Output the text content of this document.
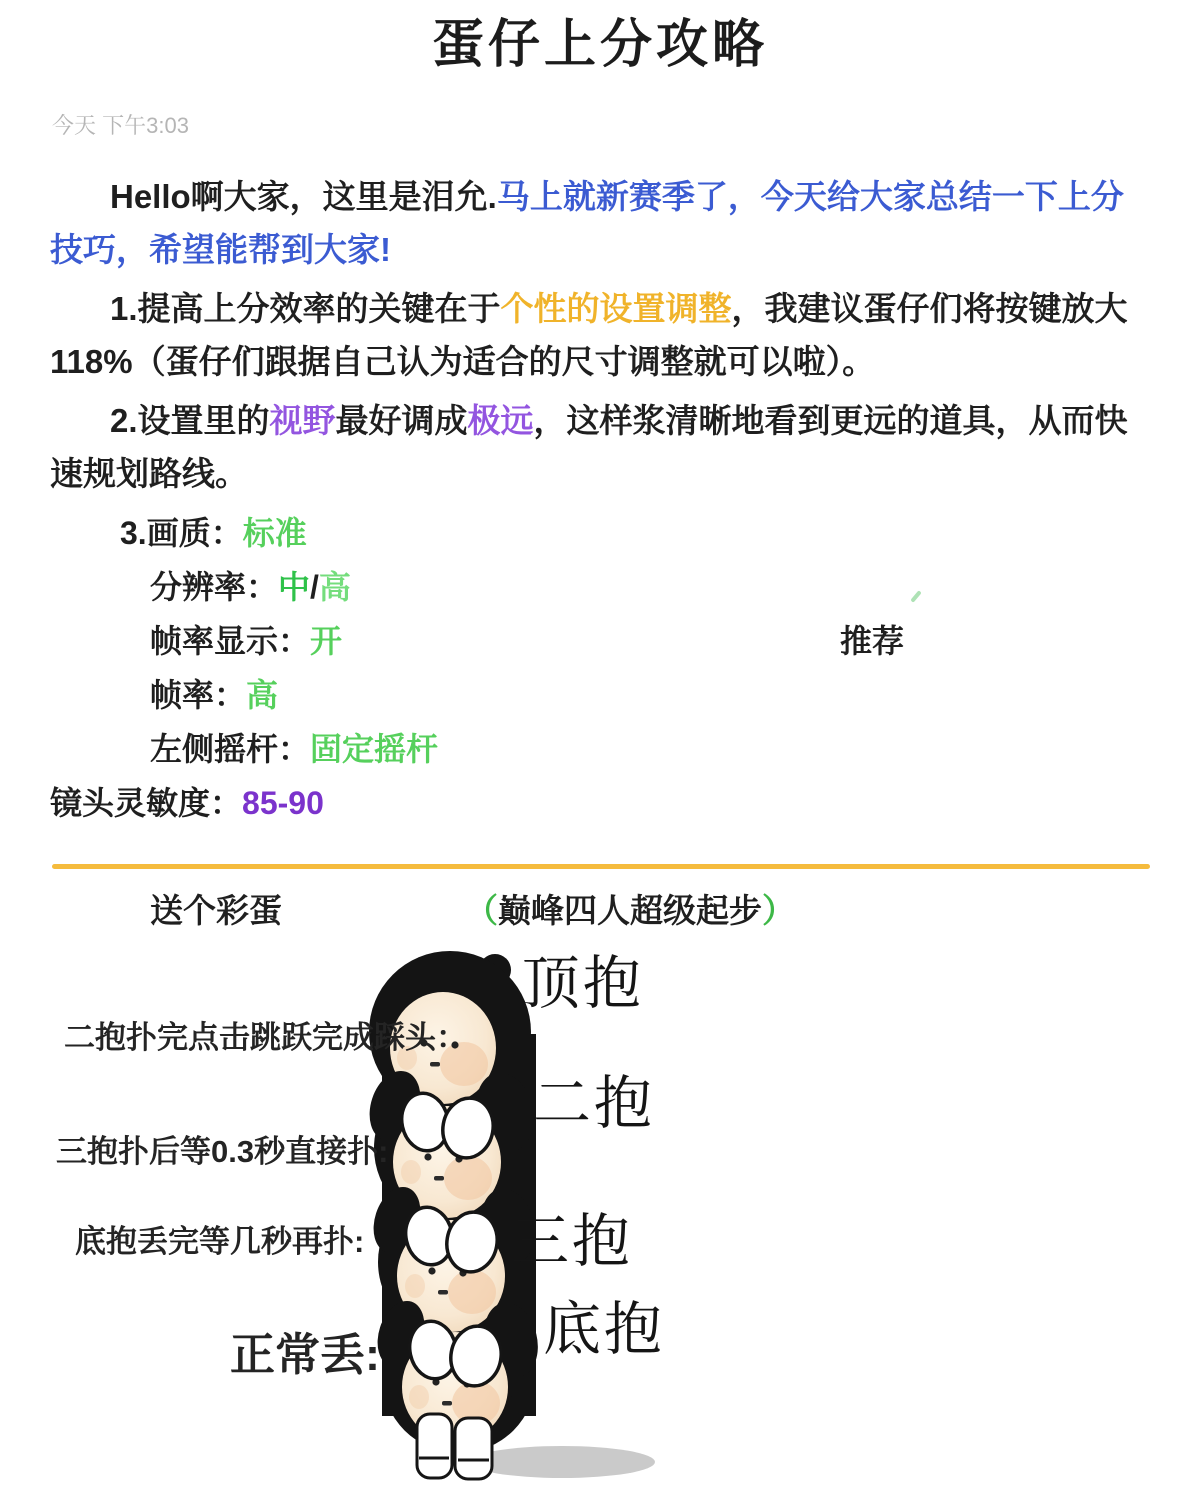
蛋仔上分攻略
今天 下午3:03

Hello啊大家，这里是泪允.马上就新赛季了，今天给大家总结一下上分技巧，希望能帮到大家!

1.提高上分效率的关键在于个性的设置调整，我建议蛋仔们将按键放大118%（蛋仔们跟据自己认为适合的尺寸调整就可以啦）。

2.设置里的视野最好调成极远，这样浆清晰地看到更远的道具，从而快速规划路线。

3.画质：标准
分辨率：中/高
帧率显示：开	推荐
帧率：高
左侧摇杆：固定摇杆
镜头灵敏度：85-90
送个彩蛋	（巅峰四人超级起步）
顶抱
二抱扑完点击跳跃完成踩头：
二抱
三抱扑后等0.3秒直接扑:
三抱
底抱丢完等几秒再扑:
底抱
正常丢:
